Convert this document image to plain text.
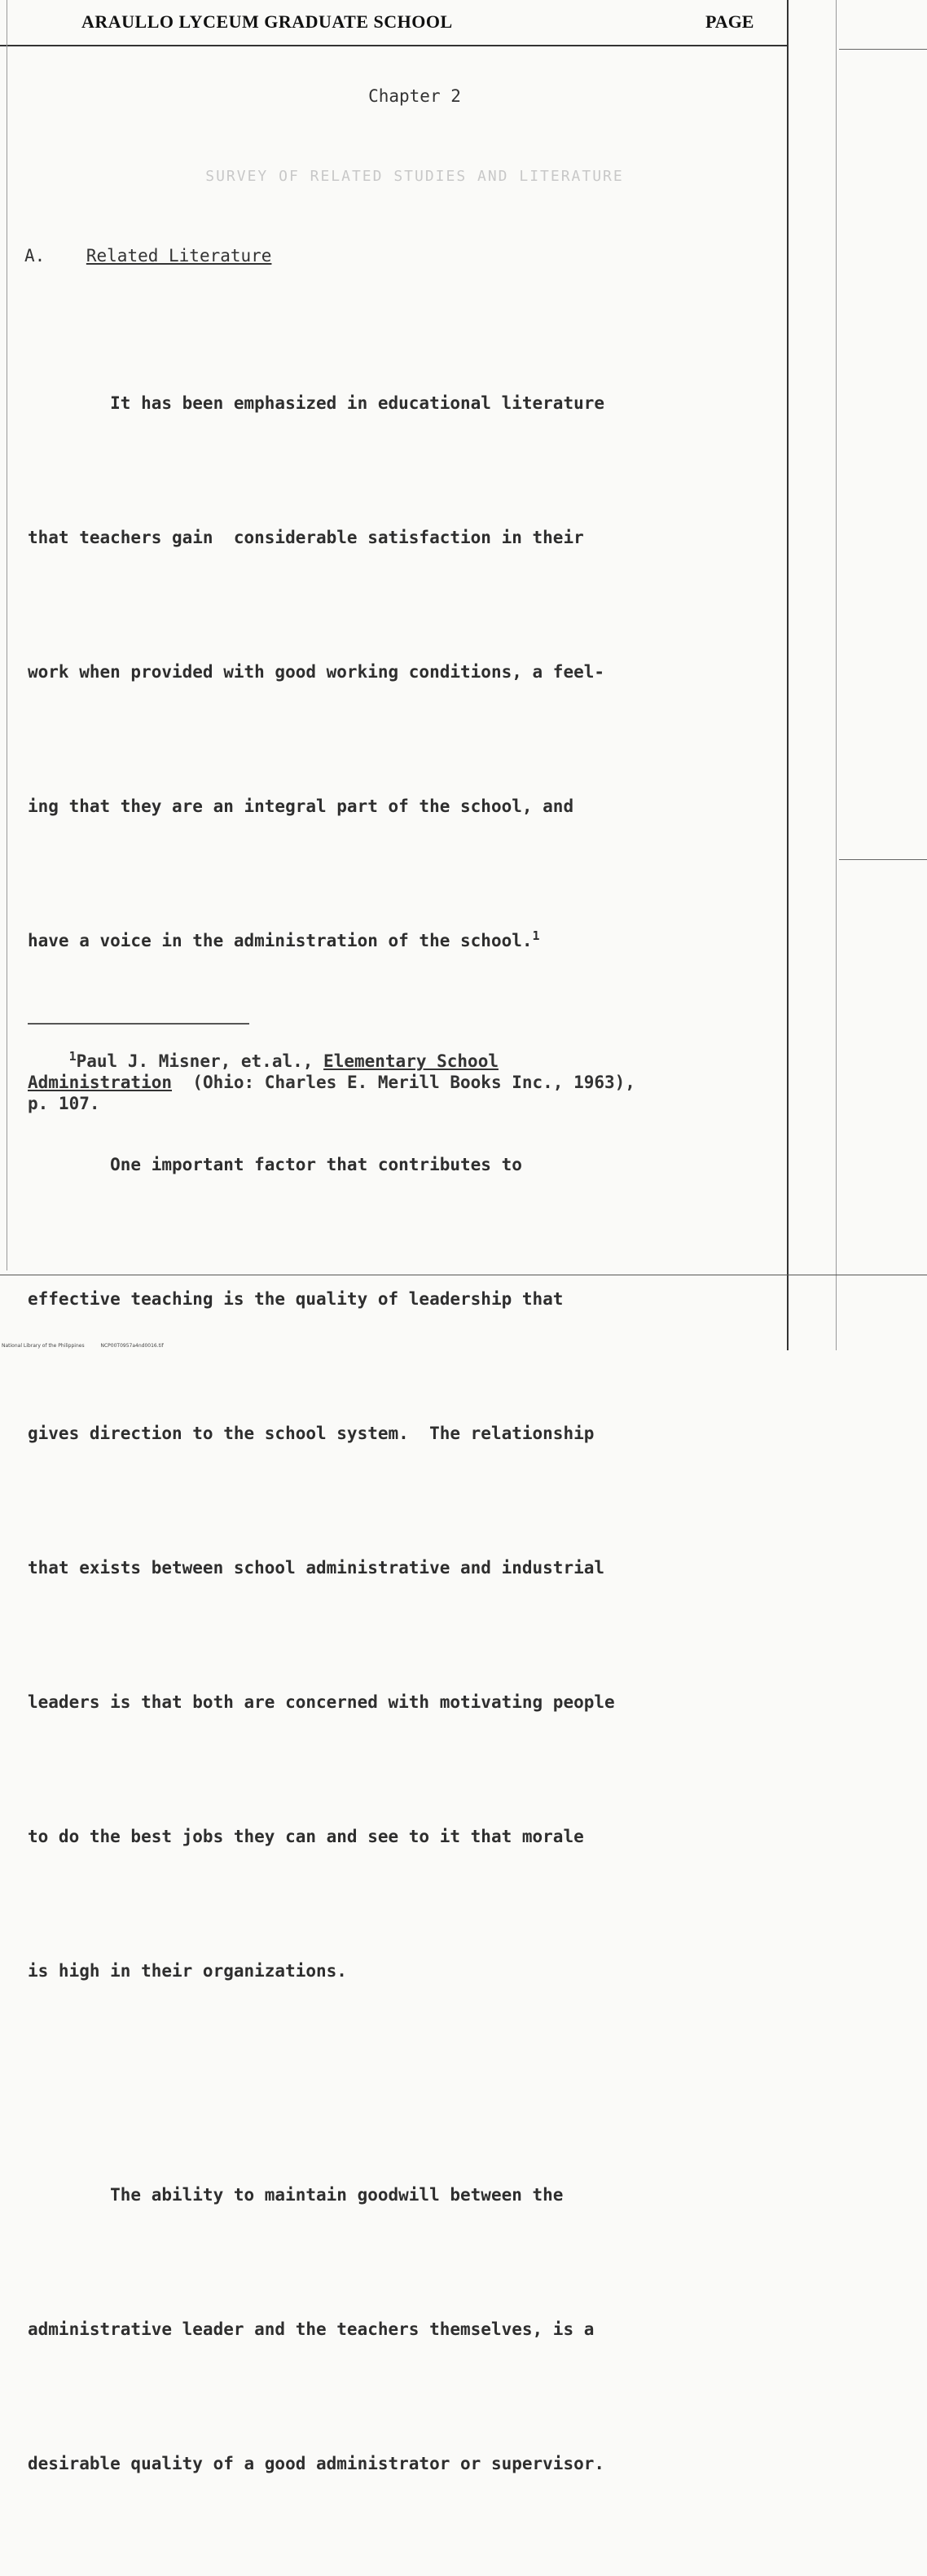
ARAULLO LYCEUM GRADUATE SCHOOL	PAGE
Chapter 2
SURVEY OF RELATED STUDIES AND LITERATURE
A. Related Literature

It has been emphasized in educational literature

that teachers gain  considerable satisfaction in their

work when provided with good working conditions, a feel-

ing that they are an integral part of the school, and

have a voice in the administration of the school.$^1$

One important factor that contributes to

effective teaching is the quality of leadership that

gives direction to the school system.  The relationship

that exists between school administrative and industrial

leaders is that both are concerned with motivating people

to do the best jobs they can and see to it that morale

is high in their organizations.

The ability to maintain goodwill between the

administrative leader and the teachers themselves, is a

desirable quality of a good administrator or supervisor.

$^1$Paul J. Misner, et.al., Elementary School
Administration  (Ohio: Charles E. Merill Books Inc., 1963),
p. 107.
National Library of the Philippines	NCP00T0957a4nd0016.tif
